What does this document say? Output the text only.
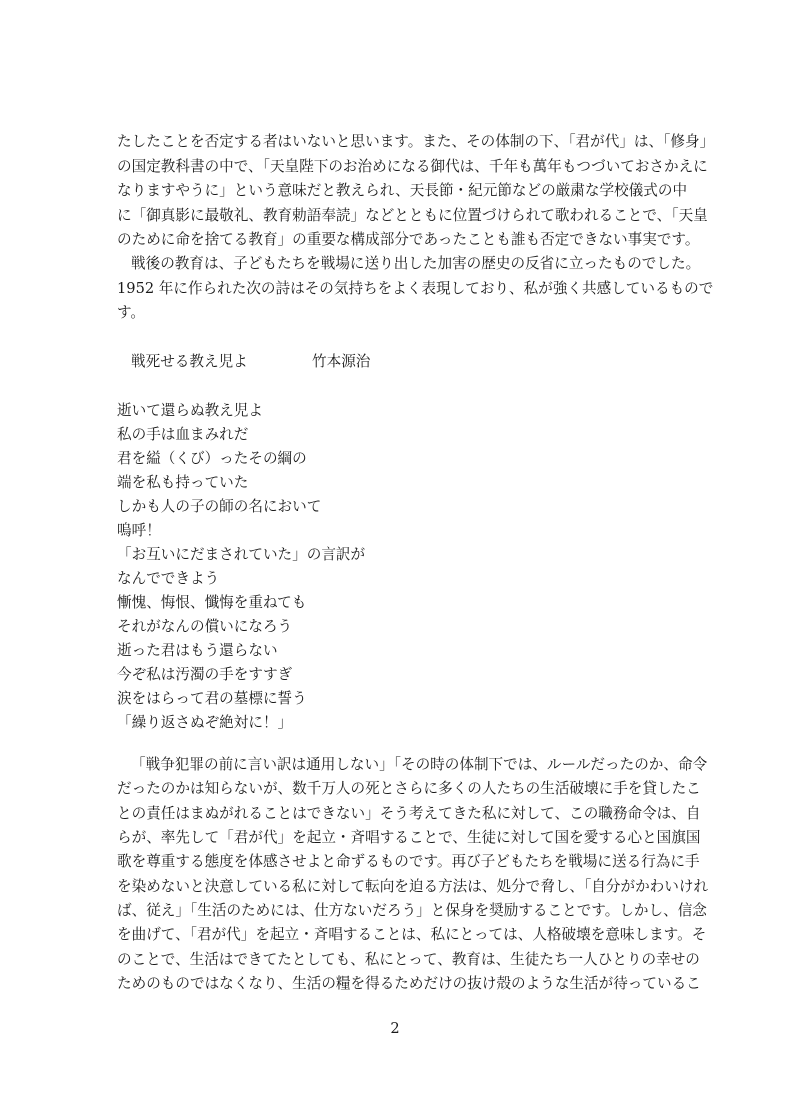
たしたことを否定する者はいないと思います。また、その体制の下、「君が代」は、「修身」
の国定教科書の中で、「天皇陛下のお治めになる御代は、千年も萬年もつづいておさかえに
なりますやうに」という意味だと教えられ、天長節・紀元節などの厳粛な学校儀式の中
に「御真影に最敬礼、教育勅語奉読」などとともに位置づけられて歌われることで、「天皇
のために命を捨てる教育」の重要な構成部分であったことも誰も否定できない事実です。
戦後の教育は、子どもたちを戦場に送り出した加害の歴史の反省に立ったものでした。
1952 年に作られた次の詩はその気持ちをよく表現しており、私が強く共感しているもので
す。
戦死せる教え児よ	竹本源治
逝いて還らぬ教え児よ
私の手は血まみれだ
君を縊（くび）ったその綱の
端を私も持っていた
しかも人の子の師の名において
嗚呼！
「お互いにだまされていた」の言訳が
なんでできよう
慚愧、悔恨、懺悔を重ねても
それがなんの償いになろう
逝った君はもう還らない
今ぞ私は汚濁の手をすすぎ
涙をはらって君の墓標に誓う
「繰り返さぬぞ絶対に！」
「戦争犯罪の前に言い訳は通用しない」「その時の体制下では、ルールだったのか、命令
だったのかは知らないが、数千万人の死とさらに多くの人たちの生活破壊に手を貸したこ
との責任はまぬがれることはできない」そう考えてきた私に対して、この職務命令は、自
らが、率先して「君が代」を起立・斉唱することで、生徒に対して国を愛する心と国旗国
歌を尊重する態度を体感させよと命ずるものです。再び子どもたちを戦場に送る行為に手
を染めないと決意している私に対して転向を迫る方法は、処分で脅し、「自分がかわいけれ
ば、従え」「生活のためには、仕方ないだろう」と保身を奨励することです。しかし、信念
を曲げて、「君が代」を起立・斉唱することは、私にとっては、人格破壊を意味します。そ
のことで、生活はできてたとしても、私にとって、教育は、生徒たち一人ひとりの幸せの
ためのものではなくなり、生活の糧を得るためだけの抜け殻のような生活が待っているこ
2
